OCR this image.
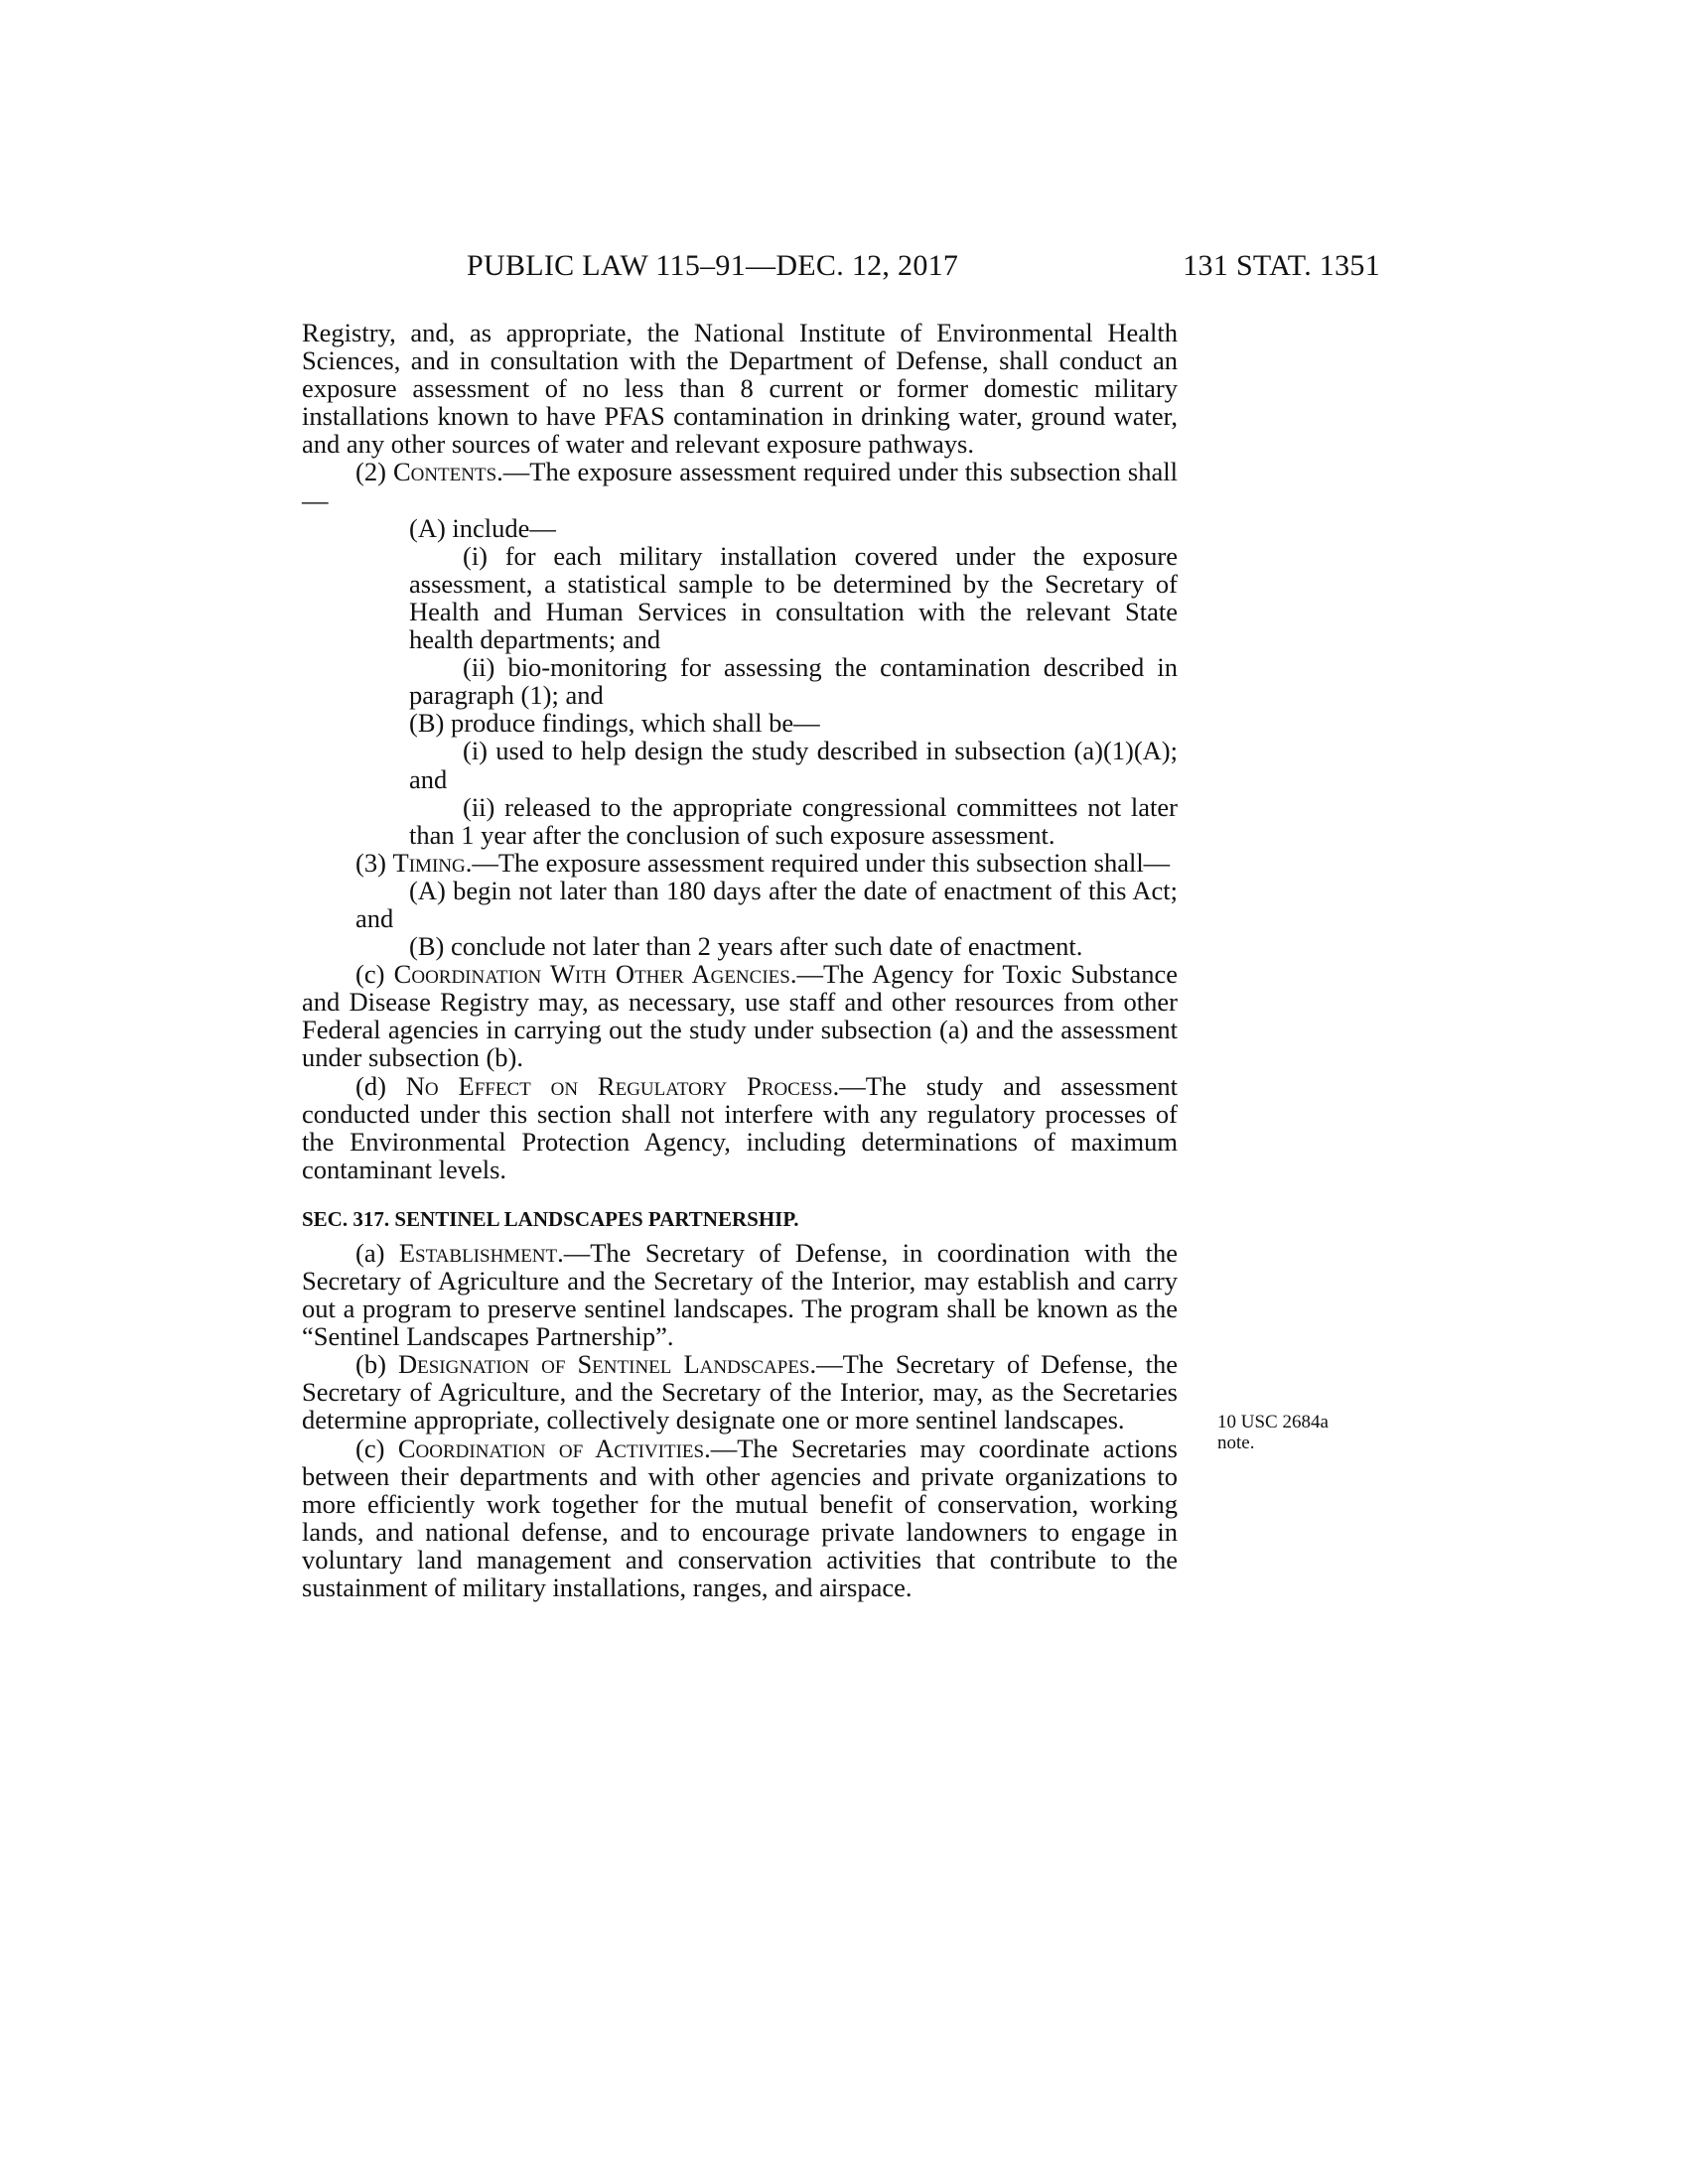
PUBLIC LAW 115–91—DEC. 12, 2017	131 STAT. 1351

Registry, and, as appropriate, the National Institute of Environmental Health Sciences, and in consultation with the Department of Defense, shall conduct an exposure assessment of no less than 8 current or former domestic military installations known to have PFAS contamination in drinking water, ground water, and any other sources of water and relevant exposure pathways.

(2) Contents.—The exposure assessment required under this subsection shall—

(A) include—

(i) for each military installation covered under the exposure assessment, a statistical sample to be determined by the Secretary of Health and Human Services in consultation with the relevant State health departments; and

(ii) bio-monitoring for assessing the contamination described in paragraph (1); and

(B) produce findings, which shall be—

(i) used to help design the study described in subsection (a)(1)(A); and

(ii) released to the appropriate congressional committees not later than 1 year after the conclusion of such exposure assessment.

(3) Timing.—The exposure assessment required under this subsection shall—

(A) begin not later than 180 days after the date of enactment of this Act; and

(B) conclude not later than 2 years after such date of enactment.

(c) Coordination With Other Agencies.—The Agency for Toxic Substance and Disease Registry may, as necessary, use staff and other resources from other Federal agencies in carrying out the study under subsection (a) and the assessment under subsection (b).

(d) No Effect on Regulatory Process.—The study and assessment conducted under this section shall not interfere with any regulatory processes of the Environmental Protection Agency, including determinations of maximum contaminant levels.

SEC. 317. SENTINEL LANDSCAPES PARTNERSHIP.

(a) Establishment.—The Secretary of Defense, in coordination with the Secretary of Agriculture and the Secretary of the Interior, may establish and carry out a program to preserve sentinel landscapes. The program shall be known as the “Sentinel Landscapes Partnership”.

(b) Designation of Sentinel Landscapes.—The Secretary of Defense, the Secretary of Agriculture, and the Secretary of the Interior, may, as the Secretaries determine appropriate, collectively designate one or more sentinel landscapes.

(c) Coordination of Activities.—The Secretaries may coordinate actions between their departments and with other agencies and private organizations to more efficiently work together for the mutual benefit of conservation, working lands, and national defense, and to encourage private landowners to engage in voluntary land management and conservation activities that contribute to the sustainment of military installations, ranges, and airspace.

10 USC 2684a note.
